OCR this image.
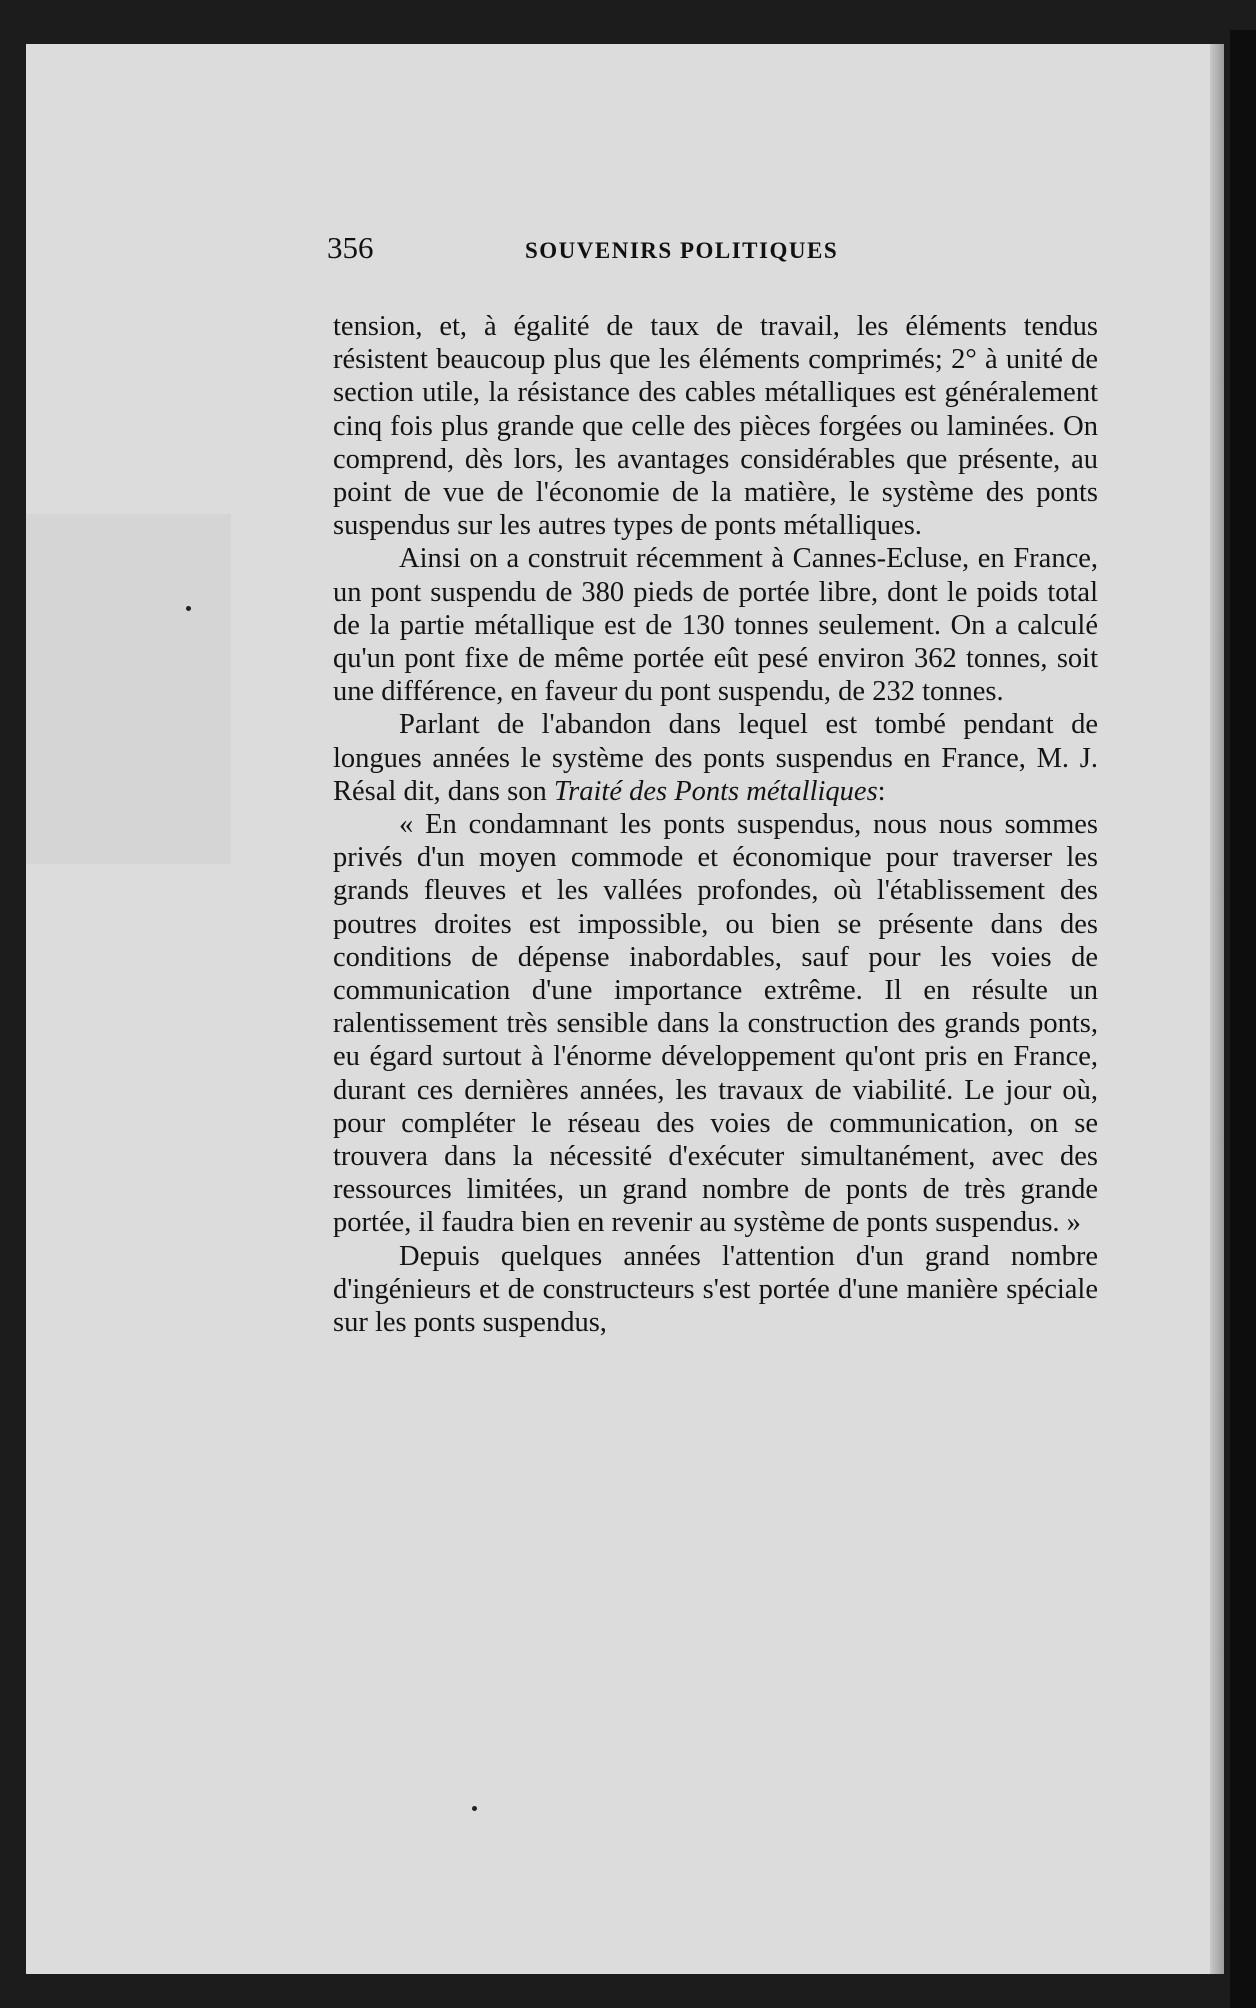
356	SOUVENIRS POLITIQUES

tension, et, à égalité de taux de travail, les éléments tendus résistent beaucoup plus que les éléments comprimés; 2° à unité de section utile, la résistance des cables métalliques est généralement cinq fois plus grande que celle des pièces forgées ou laminées. On comprend, dès lors, les avantages considérables que présente, au point de vue de l'économie de la matière, le système des ponts suspendus sur les autres types de ponts métalliques.

Ainsi on a construit récemment à Cannes-Ecluse, en France, un pont suspendu de 380 pieds de portée libre, dont le poids total de la partie métallique est de 130 tonnes seulement. On a calculé qu'un pont fixe de même portée eût pesé environ 362 tonnes, soit une différence, en faveur du pont suspendu, de 232 tonnes.

Parlant de l'abandon dans lequel est tombé pendant de longues années le système des ponts suspendus en France, M. J. Résal dit, dans son Traité des Ponts métalliques:

« En condamnant les ponts suspendus, nous nous sommes privés d'un moyen commode et économique pour traverser les grands fleuves et les vallées profondes, où l'établissement des poutres droites est impossible, ou bien se présente dans des conditions de dépense inabordables, sauf pour les voies de communication d'une importance extrême. Il en résulte un ralentissement très sensible dans la construction des grands ponts, eu égard surtout à l'énorme développement qu'ont pris en France, durant ces dernières années, les travaux de viabilité. Le jour où, pour compléter le réseau des voies de communication, on se trouvera dans la nécessité d'exécuter simultanément, avec des ressources limitées, un grand nombre de ponts de très grande portée, il faudra bien en revenir au système de ponts suspendus. »

Depuis quelques années l'attention d'un grand nombre d'ingénieurs et de constructeurs s'est portée d'une manière spéciale sur les ponts suspendus,
